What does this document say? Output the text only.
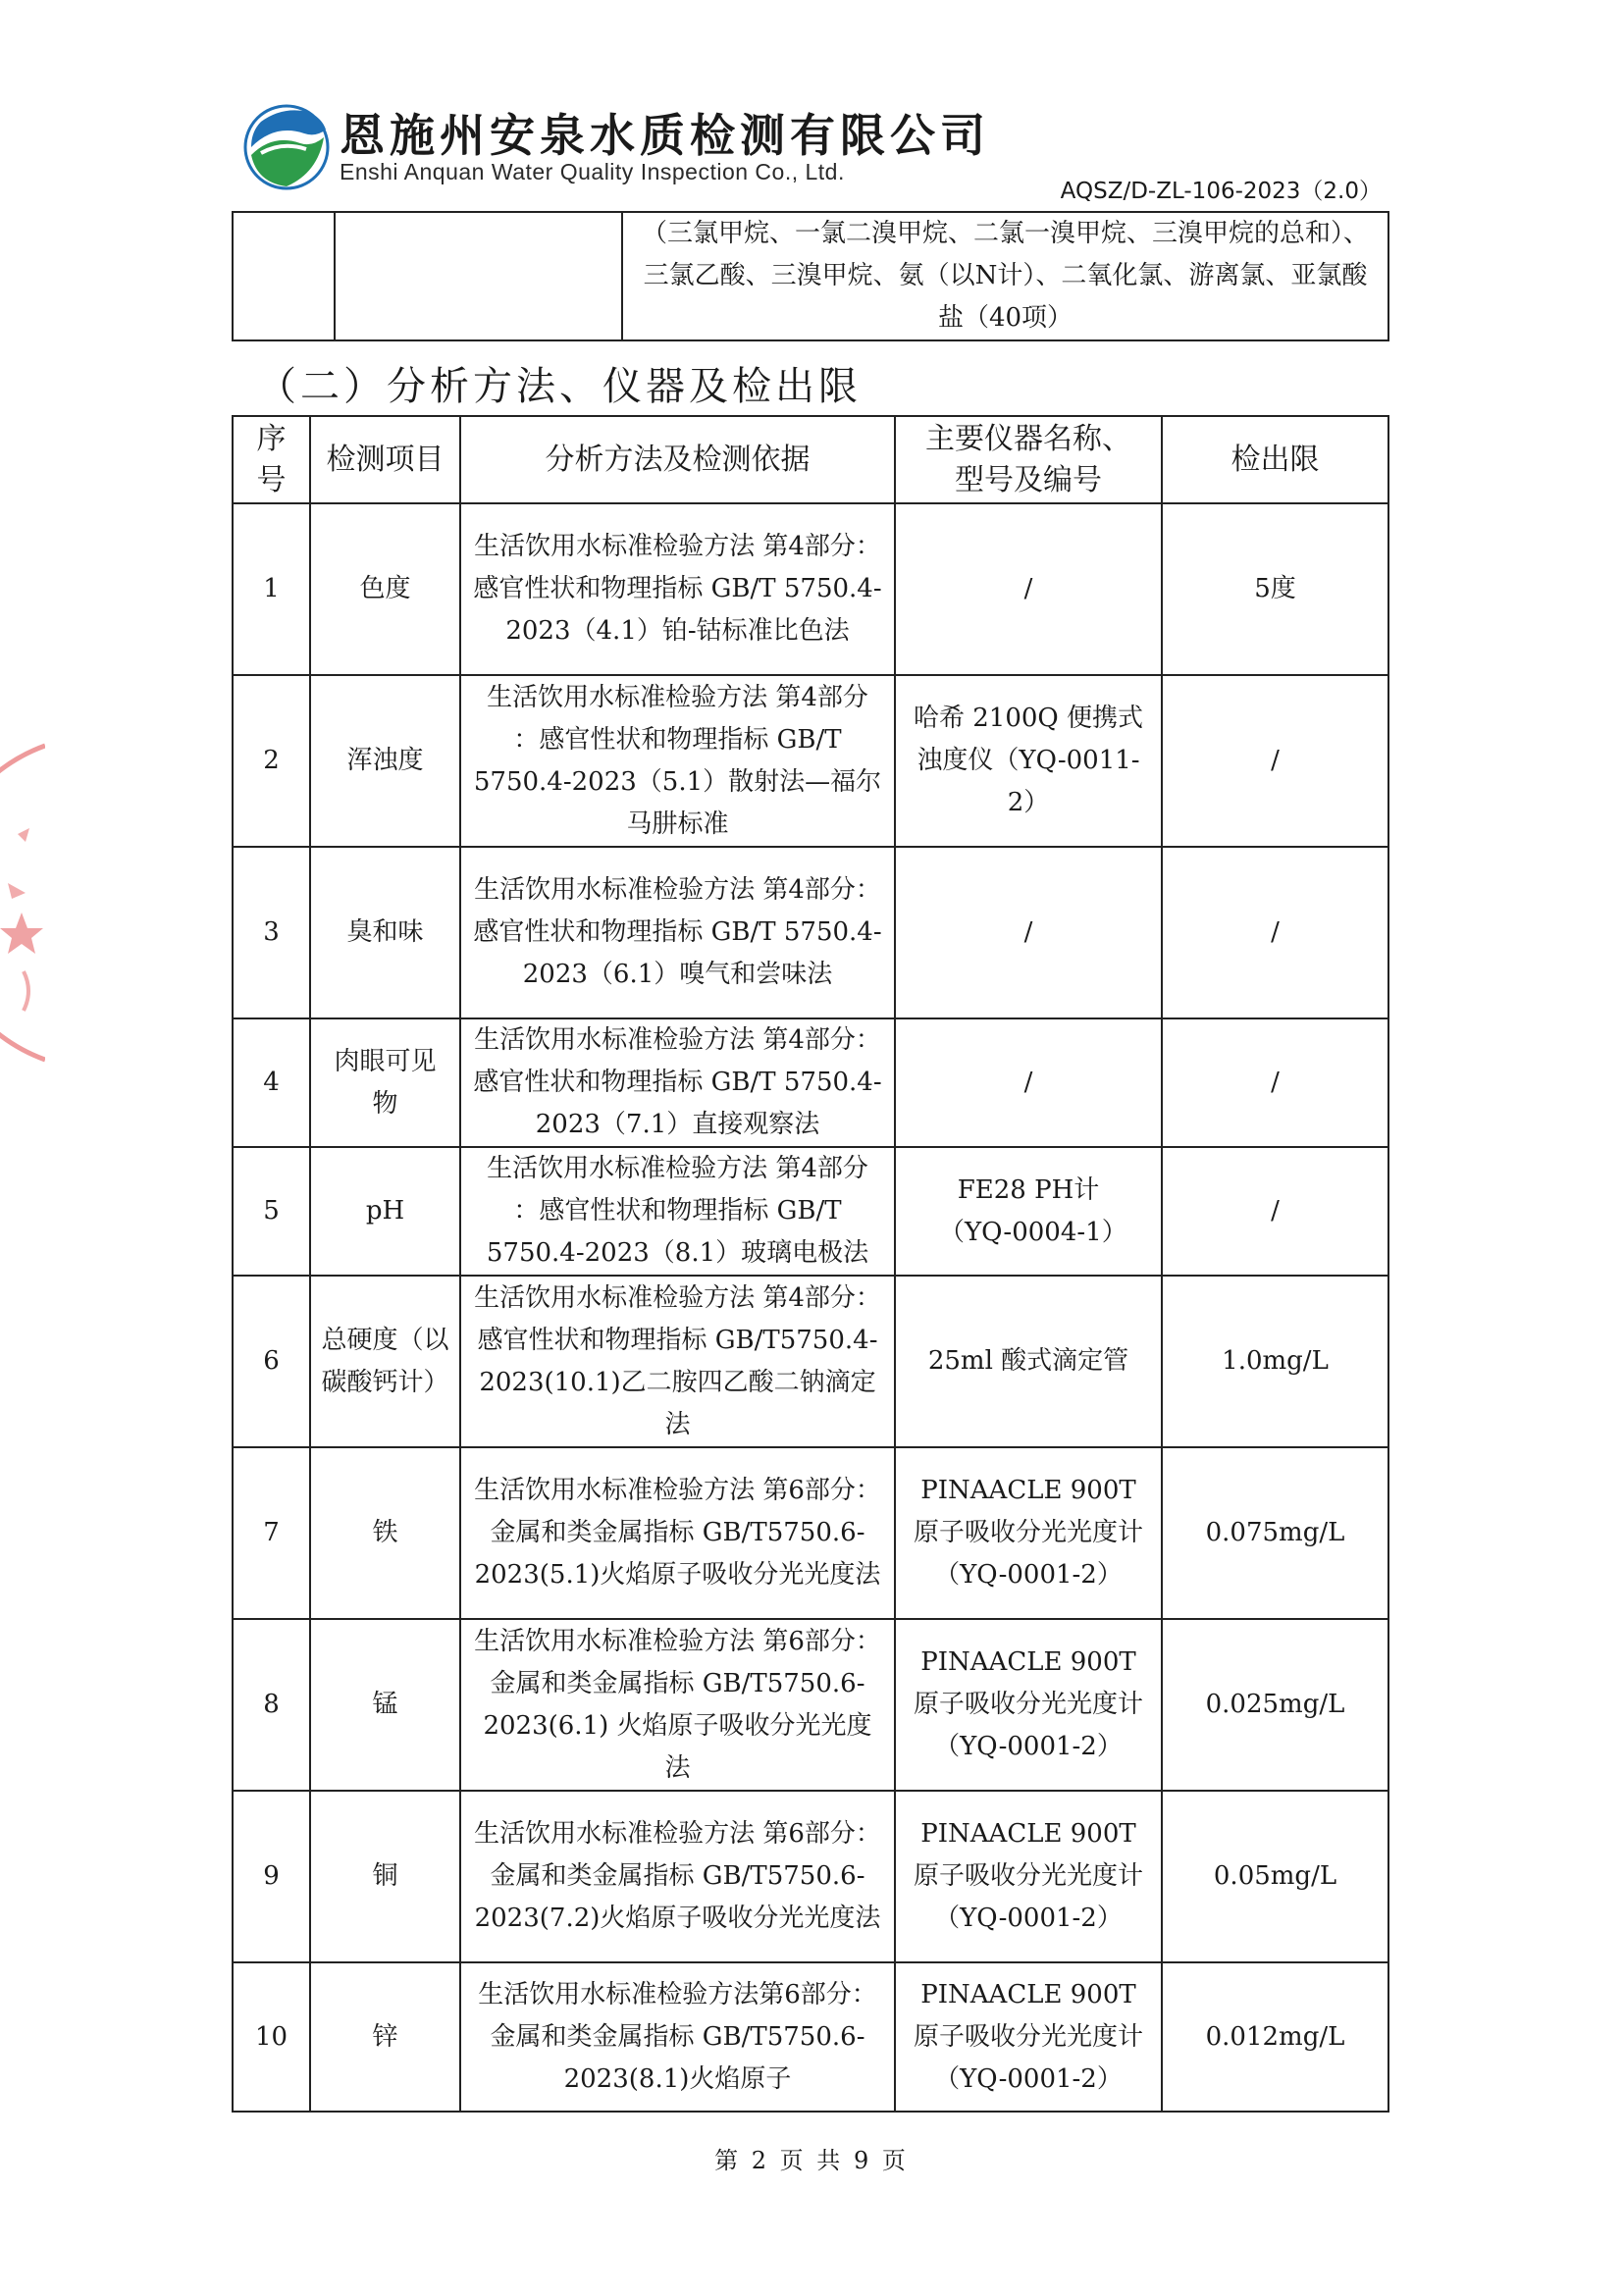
恩施州安泉水质检测有限公司
Enshi Anquan Water Quality Inspection Co., Ltd.
AQSZ/D-ZL-106-2023（2.0）

（三氯甲烷、一氯二溴甲烷、二氯一溴甲烷、三溴甲烷的总和）、三氯乙酸、三溴甲烷、氨（以N计）、二氧化氯、游离氯、亚氯酸盐（40项）
（二）分析方法、仪器及检出限
序号	检测项目	分析方法及检测依据	主要仪器名称、型号及编号	检出限
1	色度	生活饮用水标准检验方法 第4部分：感官性状和物理指标 GB/T 5750.4-2023（4.1）铂-钴标准比色法	/	5度
2	浑浊度	生活饮用水标准检验方法 第4部分 ：感官性状和物理指标 GB/T 5750.4-2023（5.1）散射法—福尔马肼标准	哈希 2100Q 便携式浊度仪（YQ-0011-2）	/
3	臭和味	生活饮用水标准检验方法 第4部分：感官性状和物理指标 GB/T 5750.4-2023（6.1）嗅气和尝味法	/	/
4	肉眼可见物	生活饮用水标准检验方法 第4部分：感官性状和物理指标 GB/T 5750.4-2023（7.1）直接观察法	/	/
5	pH	生活饮用水标准检验方法 第4部分 ：感官性状和物理指标 GB/T 5750.4-2023（8.1）玻璃电极法	FE28 PH计（YQ-0004-1）	/
6	总硬度（以碳酸钙计）	生活饮用水标准检验方法 第4部分：感官性状和物理指标 GB/T5750.4-2023(10.1)乙二胺四乙酸二钠滴定法	25ml 酸式滴定管	1.0mg/L
7	铁	生活饮用水标准检验方法 第6部分：金属和类金属指标 GB/T5750.6-2023(5.1)火焰原子吸收分光光度法	PINAACLE 900T 原子吸收分光光度计（YQ-0001-2）	0.075mg/L
8	锰	生活饮用水标准检验方法 第6部分：金属和类金属指标 GB/T5750.6-2023(6.1) 火焰原子吸收分光光度法	PINAACLE 900T 原子吸收分光光度计（YQ-0001-2）	0.025mg/L
9	铜	生活饮用水标准检验方法 第6部分：金属和类金属指标 GB/T5750.6-2023(7.2)火焰原子吸收分光光度法	PINAACLE 900T 原子吸收分光光度计（YQ-0001-2）	0.05mg/L
10	锌	生活饮用水标准检验方法第6部分：金属和类金属指标 GB/T5750.6-2023(8.1)火焰原子	PINAACLE 900T 原子吸收分光光度计（YQ-0001-2）	0.012mg/L
第 2 页 共 9 页
